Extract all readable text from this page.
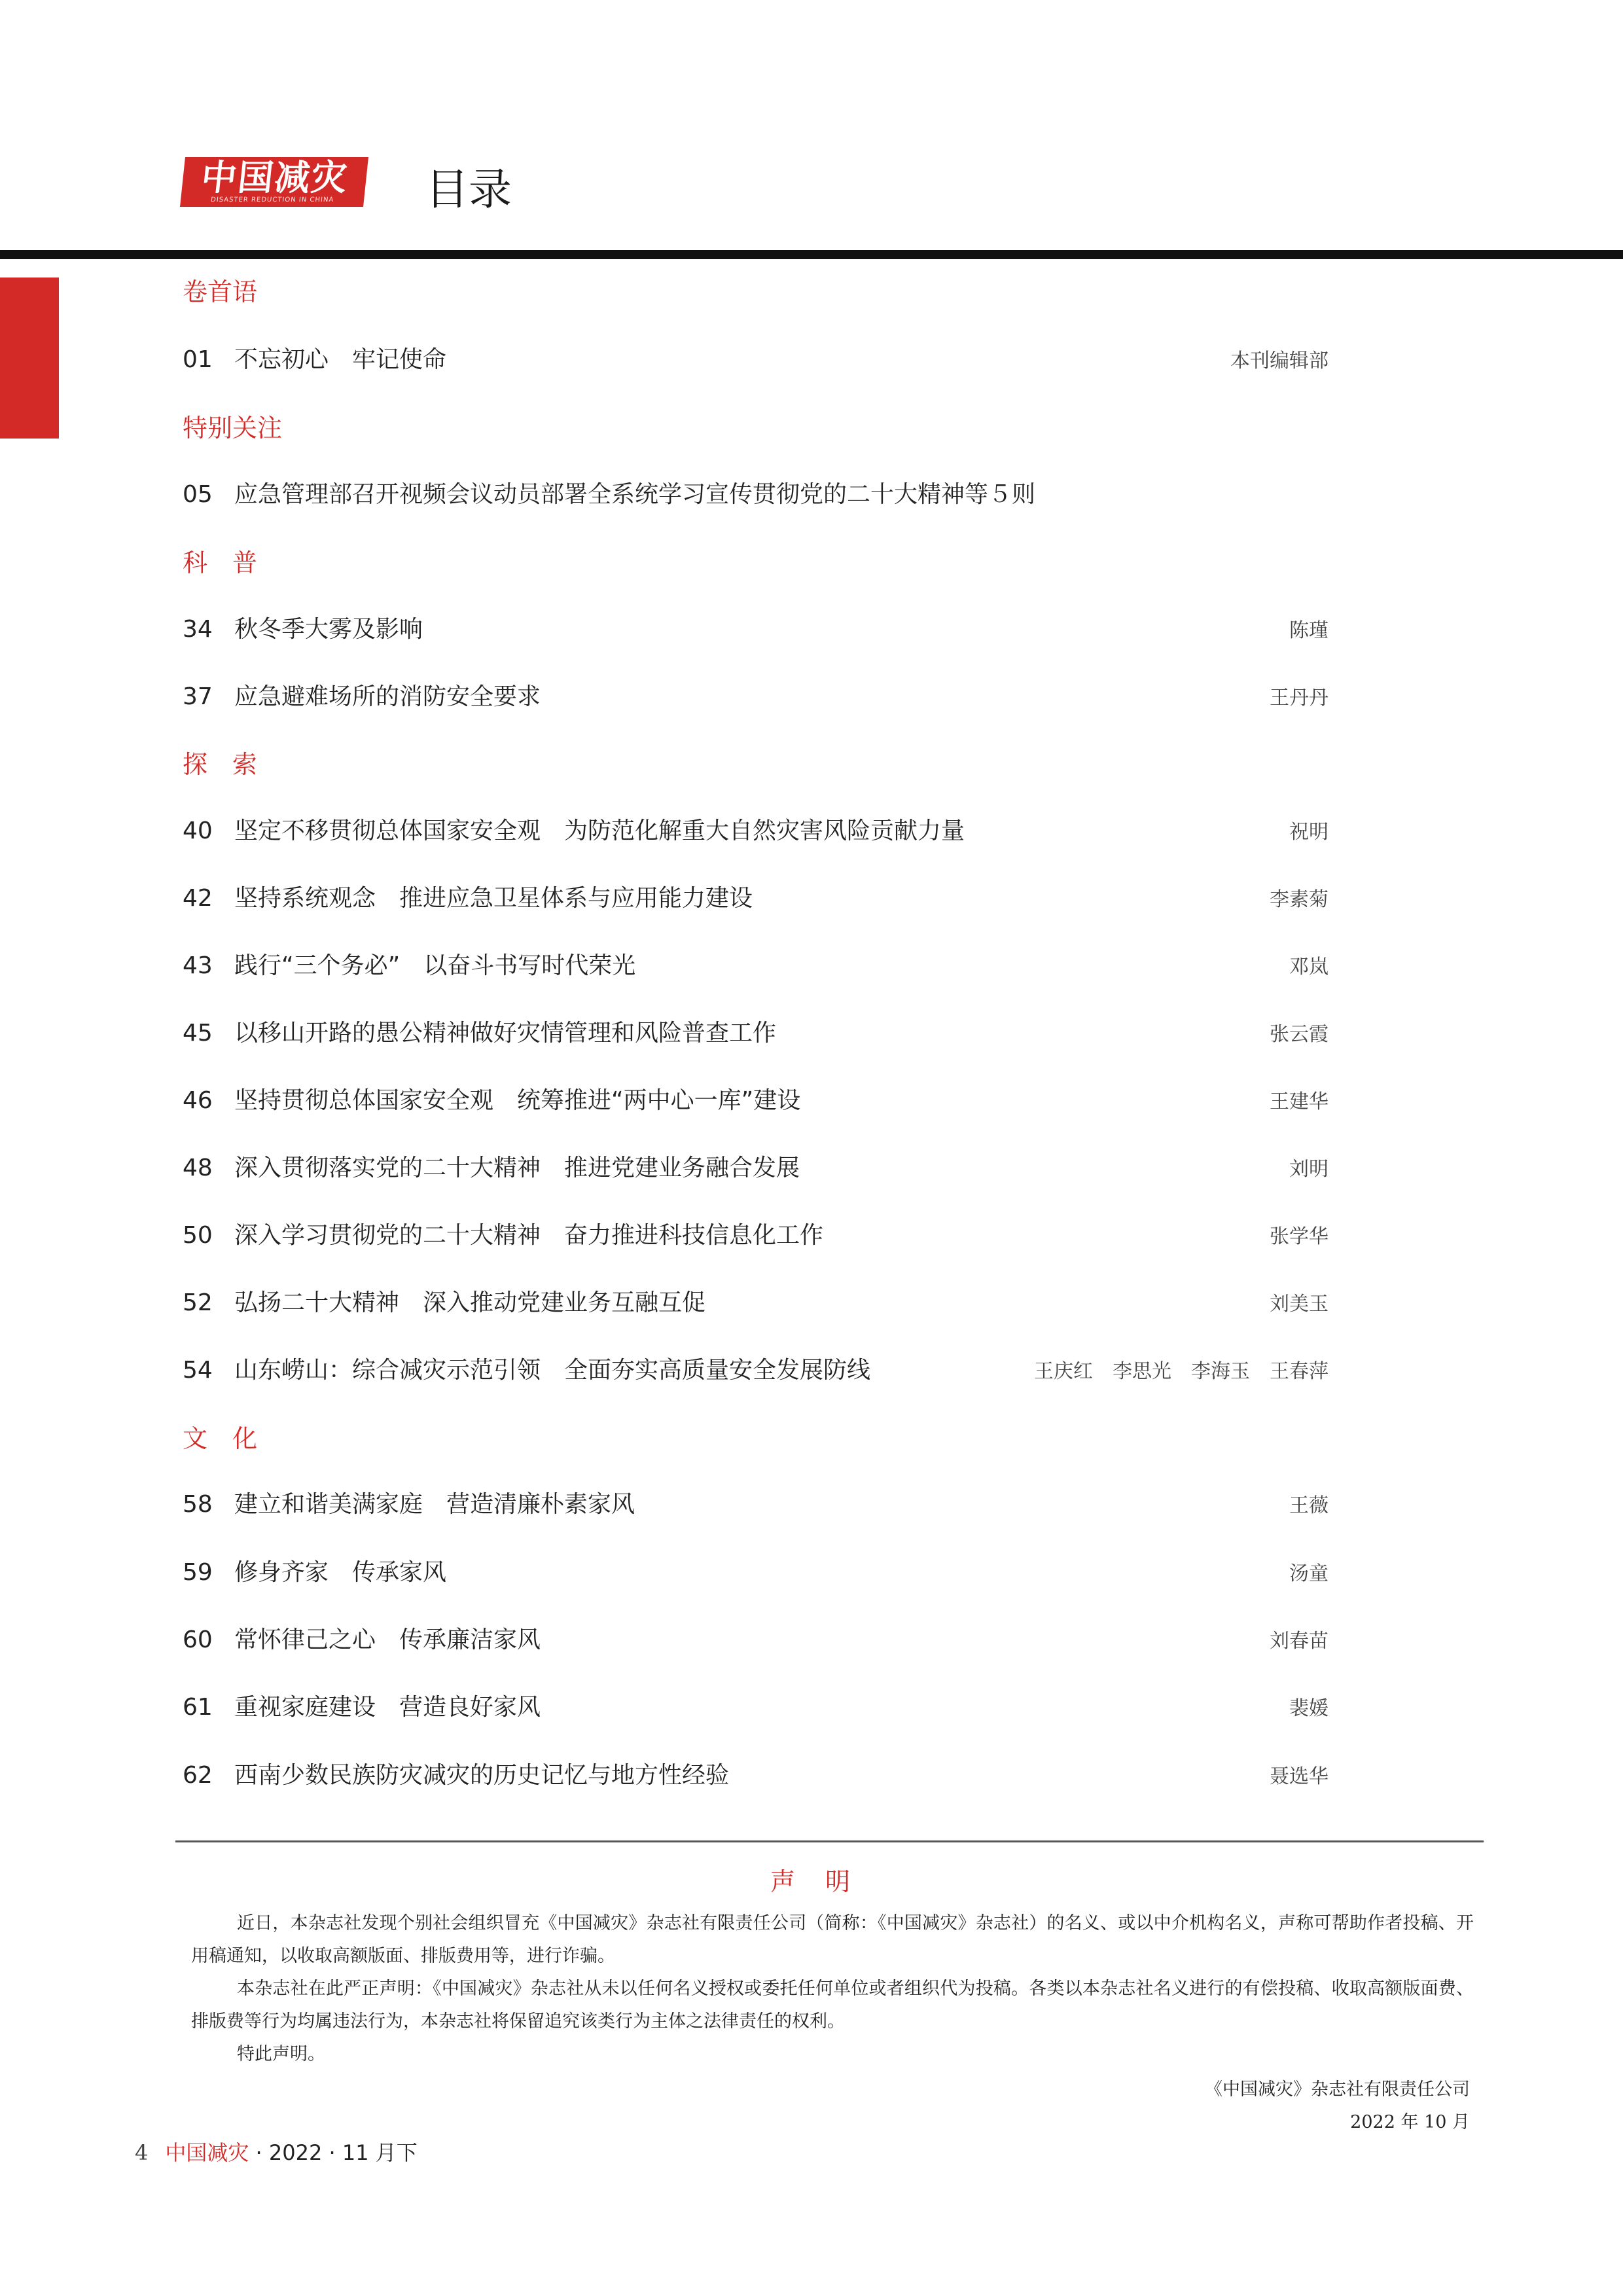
中国减灾
DISASTER REDUCTION IN CHINA 目录
卷首语
01 不忘初心　牢记使命	本刊编辑部
特别关注
05 应急管理部召开视频会议动员部署全系统学习宣传贯彻党的二十大精神等５则
科　普
34 秋冬季大雾及影响	陈瑾
37 应急避难场所的消防安全要求	王丹丹
探　索
40 坚定不移贯彻总体国家安全观　为防范化解重大自然灾害风险贡献力量	祝明
42 坚持系统观念　推进应急卫星体系与应用能力建设	李素菊
43 践行“三个务必”　以奋斗书写时代荣光	邓岚
45 以移山开路的愚公精神做好灾情管理和风险普查工作	张云霞
46 坚持贯彻总体国家安全观　统筹推进“两中心一库”建设	王建华
48 深入贯彻落实党的二十大精神　推进党建业务融合发展	刘明
50 深入学习贯彻党的二十大精神　奋力推进科技信息化工作	张学华
52 弘扬二十大精神　深入推动党建业务互融互促	刘美玉
54 山东崂山：综合减灾示范引领　全面夯实高质量安全发展防线	王庆红　李思光　李海玉　王春萍
文　化
58 建立和谐美满家庭　营造清廉朴素家风	王薇
59 修身齐家　传承家风	汤童
60 常怀律己之心　传承廉洁家风	刘春苗
61 重视家庭建设　营造良好家风	裴媛
62 西南少数民族防灾减灾的历史记忆与地方性经验	聂选华
声　明

近日，本杂志社发现个别社会组织冒充《中国减灾》杂志社有限责任公司（简称：《中国减灾》杂志社）的名义、或以中介机构名义，声称可帮助作者投稿、开用稿通知，以收取高额版面、排版费用等，进行诈骗。

本杂志社在此严正声明：《中国减灾》杂志社从未以任何名义授权或委托任何单位或者组织代为投稿。各类以本杂志社名义进行的有偿投稿、收取高额版面费、排版费等行为均属违法行为，本杂志社将保留追究该类行为主体之法律责任的权利。

特此声明。

《中国减灾》杂志社有限责任公司
2022 年 10 月
4 中国减灾 · 2022 · 11 月下
